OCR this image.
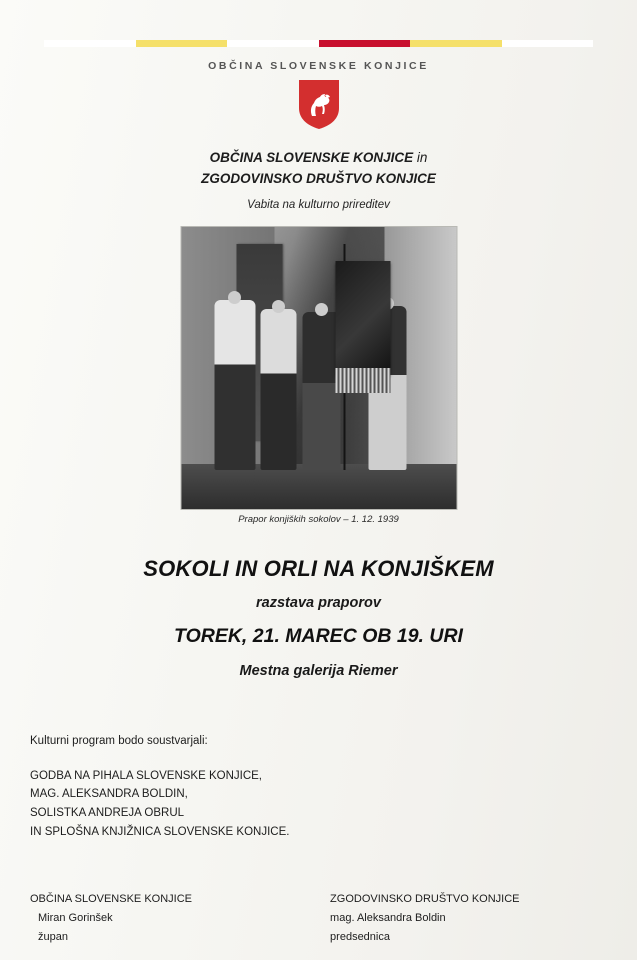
OBČINA SLOVENSKE KONJICE
OBČINA SLOVENSKE KONJICE in
ZGODOVINSKO DRUŠTVO KONJICE
Vabita na kulturno prireditev
Prapor konjiških sokolov – 1. 12. 1939
SOKOLI IN ORLI NA KONJIŠKEM
razstava praporov
TOREK, 21. MAREC OB 19. URI
Mestna galerija Riemer
Kulturni program bodo soustvarjali:
GODBA NA PIHALA SLOVENSKE KONJICE,
MAG. ALEKSANDRA BOLDIN,
SOLISTKA ANDREJA OBRUL
IN SPLOŠNA KNJIŽNICA SLOVENSKE KONJICE.
OBČINA SLOVENSKE KONJICE
Miran Gorinšek
župan
ZGODOVINSKO DRUŠTVO KONJICE
mag. Aleksandra Boldin
predsednica
